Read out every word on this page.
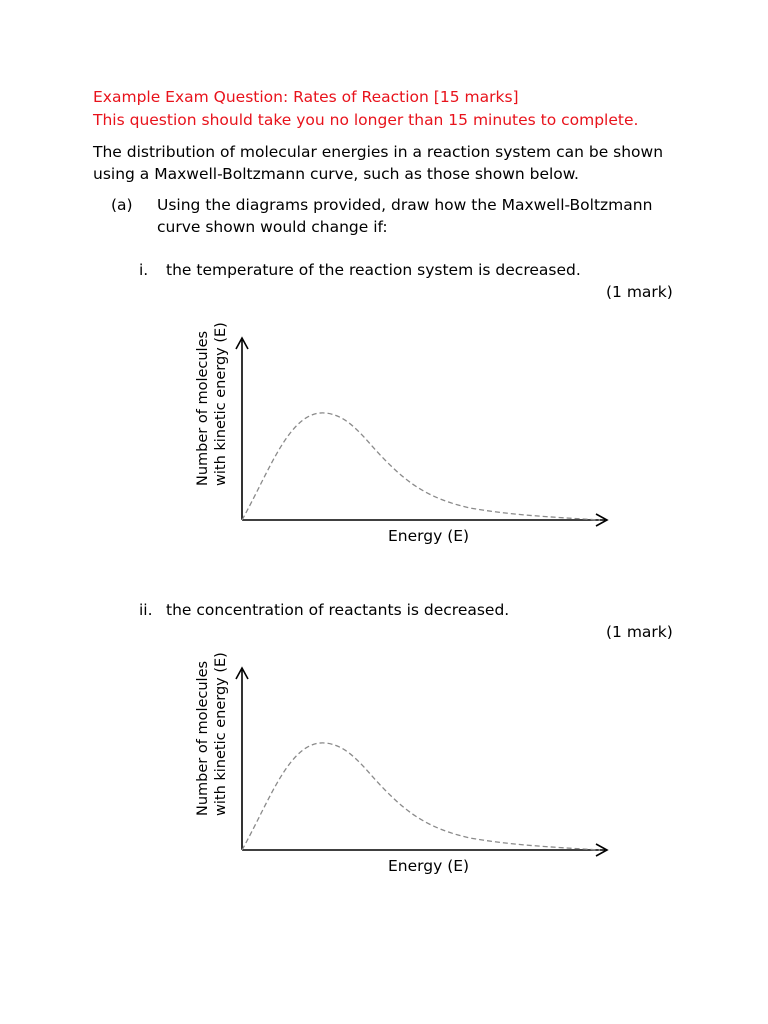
Example Exam Question: Rates of Reaction [15 marks]
This question should take you no longer than 15 minutes to complete.
The distribution of molecular energies in a reaction system can be shown
using a Maxwell-Boltzmann curve, such as those shown below.
(a) Using the diagrams provided, draw how the Maxwell-Boltzmann
curve shown would change if:
i. the temperature of the reaction system is decreased.
(1 mark)
Number of molecules with kinetic energy (E)
Energy (E)
ii. the concentration of reactants is decreased.
(1 mark)
Number of molecules with kinetic energy (E)
Energy (E)
